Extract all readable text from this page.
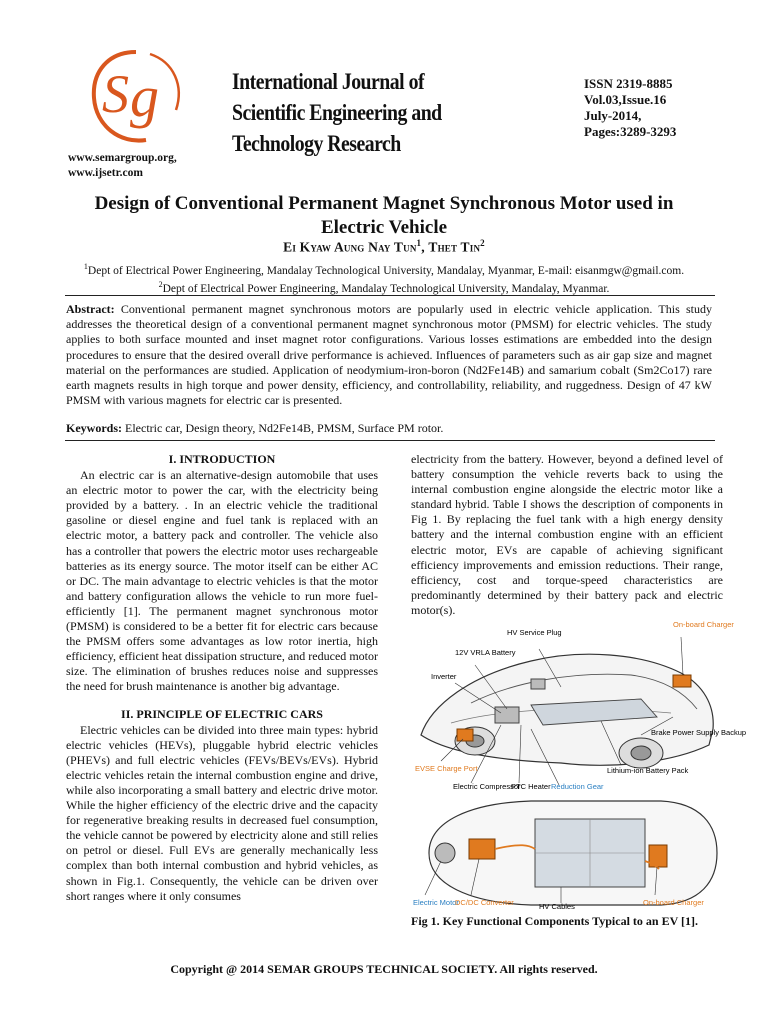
S g	International Journal of
Scientific Engineering and Technology Research
ISSN 2319-8885
Vol.03,Issue.16
July-2014,
Pages:3289-3293
www.semargroup.org,
www.ijsetr.com
Design of Conventional Permanent Magnet Synchronous Motor used in
Electric Vehicle
Ei Kyaw Aung Nay Tun$^1$, Thet Tin$^2$
$^1$Dept of Electrical Power Engineering, Mandalay Technological University, Mandalay, Myanmar, E-mail: eisanmgw@gmail.com.
$^2$Dept of Electrical Power Engineering, Mandalay Technological University, Mandalay, Myanmar.
Abstract: Conventional permanent magnet synchronous motors are popularly used in electric vehicle application. This study addresses the theoretical design of a conventional permanent magnet synchronous motor (PMSM) for electric vehicles. The study applies to both surface mounted and inset magnet rotor configurations. Various losses estimations are embedded into the design procedures to ensure that the desired overall drive performance is achieved. Influences of parameters such as air gap size and magnet material on the performances are studied. Application of neodymium-iron-boron (Nd2Fe14B) and samarium cobalt (Sm2Co17) rare earth magnets results in high torque and power density, efficiency, and controllability, reliability, and ruggedness. Design of 47 kW PMSM with various magnets for electric car is presented.
Keywords: Electric car, Design theory, Nd2Fe14B, PMSM, Surface PM rotor.
I. INTRODUCTION

An electric car is an alternative-design automobile that uses an electric motor to power the car, with the electricity being provided by a battery. . In an electric vehicle the traditional gasoline or diesel engine and fuel tank is replaced with an electric motor, a battery pack and controller. The vehicle also has a controller that powers the electric motor uses rechargeable batteries as its energy source. The motor itself can be either AC or DC. The main advantage to electric vehicles is that the motor and battery configuration allows the vehicle to run more fuel-efficiently [1]. The permanent magnet synchronous motor (PMSM) is considered to be a better fit for electric cars because the PMSM offers some advantages as low rotor inertia, high efficiency, efficient heat dissipation structure, and reduced motor size. The elimination of brushes reduces noise and suppresses the need for brush maintenance is another big advantage.

II. PRINCIPLE OF ELECTRIC CARS

Electric vehicles can be divided into three main types: hybrid electric vehicles (HEVs), pluggable hybrid electric vehicles (PHEVs) and full electric vehicles (FEVs/BEVs/EVs). Hybrid electric vehicles retain the internal combustion engine and drive, while also incorporating a small battery and electric drive motor. While the higher efficiency of the electric drive and the capacity for regenerative breaking results in decreased fuel consumption, the vehicle cannot be powered by electricity alone and still relies on petrol or diesel. Full EVs are generally mechanically less complex than both internal combustion and hybrid vehicles, as shown in Fig.1. Consequently, the vehicle can be driven over short ranges where it only consumes

electricity from the battery. However, beyond a defined level of battery consumption the vehicle reverts back to using the internal combustion engine alongside the electric motor like a standard hybrid. Table I shows the description of components in Fig 1. By replacing the fuel tank with a high energy density battery and the internal combustion engine with an efficient electric motor, EVs are capable of achieving significant efficiency improvements and emission reductions. Their range, efficiency, cost and torque-speed characteristics are predominantly determined by their battery pack and electric motor(s).

HV Service Plug
12V VRLA Battery
Inverter
On-board Charger
Brake Power Supply Backup
Lithium-ion Battery Pack
EVSE Charge Port
Electric Compressor
PTC Heater Reduction Gear
Electric Motor
DC/DC Converter	HV Cables	On-board Charger
Fig 1. Key Functional Components Typical to an EV [1].
Copyright @ 2014 SEMAR GROUPS TECHNICAL SOCIETY. All rights reserved.
